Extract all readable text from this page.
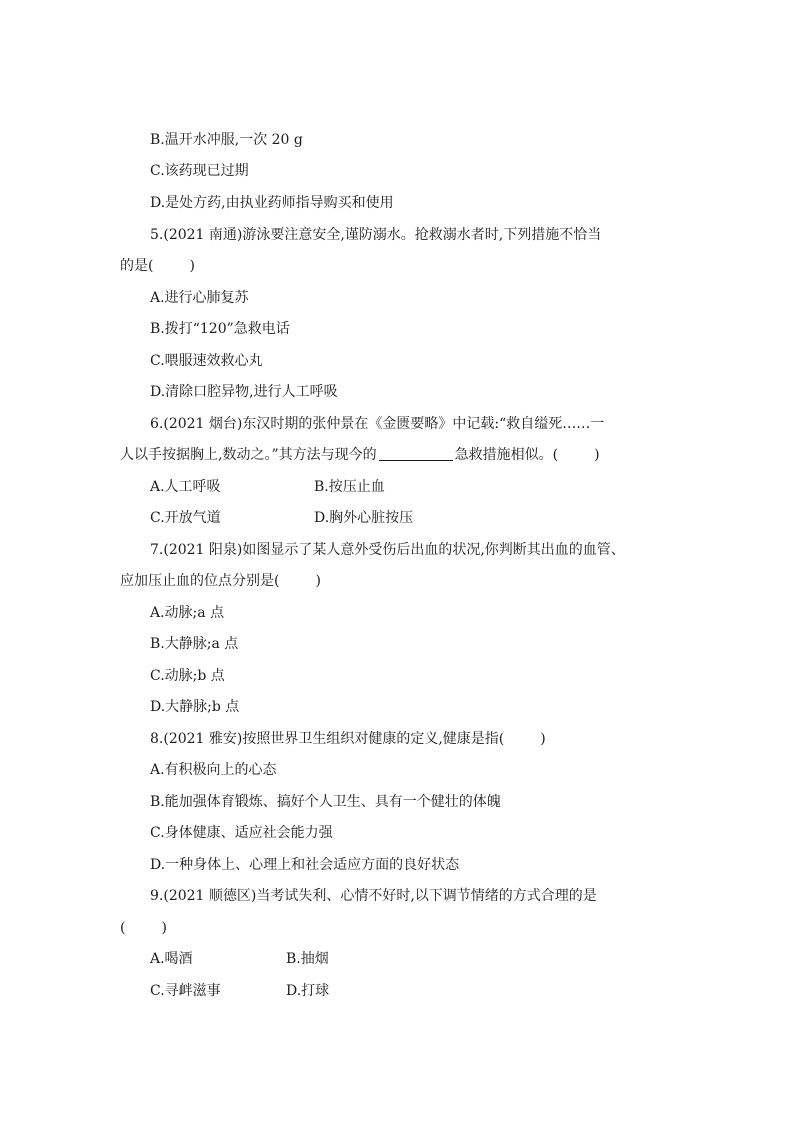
B.温开水冲服,一次 20 g
C.该药现已过期
D.是处方药,由执业药师指导购买和使用
5.(2021 南通)游泳要注意安全,谨防溺水。抢救溺水者时,下列措施不恰当
的是(	)
A.进行心肺复苏
B.拨打“120”急救电话
C.喂服速效救心丸
D.清除口腔异物,进行人工呼吸
6.(2021 烟台)东汉时期的张仲景在《金匮要略》中记载:“救自缢死……一
人以手按据胸上,数动之。”其方法与现今的	急救措施相似。(	)
A.人工呼吸	B.按压止血
C.开放气道	D.胸外心脏按压
7.(2021 阳泉)如图显示了某人意外受伤后出血的状况,你判断其出血的血管、
应加压止血的位点分别是(	)
A.动脉;a 点
B.大静脉;a 点
C.动脉;b 点
D.大静脉;b 点
8.(2021 雅安)按照世界卫生组织对健康的定义,健康是指(	)
A.有积极向上的心态
B.能加强体育锻炼、搞好个人卫生、具有一个健壮的体魄
C.身体健康、适应社会能力强
D.一种身体上、心理上和社会适应方面的良好状态
9.(2021 顺德区)当考试失利、心情不好时,以下调节情绪的方式合理的是
(	)
A.喝酒	B.抽烟
C.寻衅滋事	D.打球
